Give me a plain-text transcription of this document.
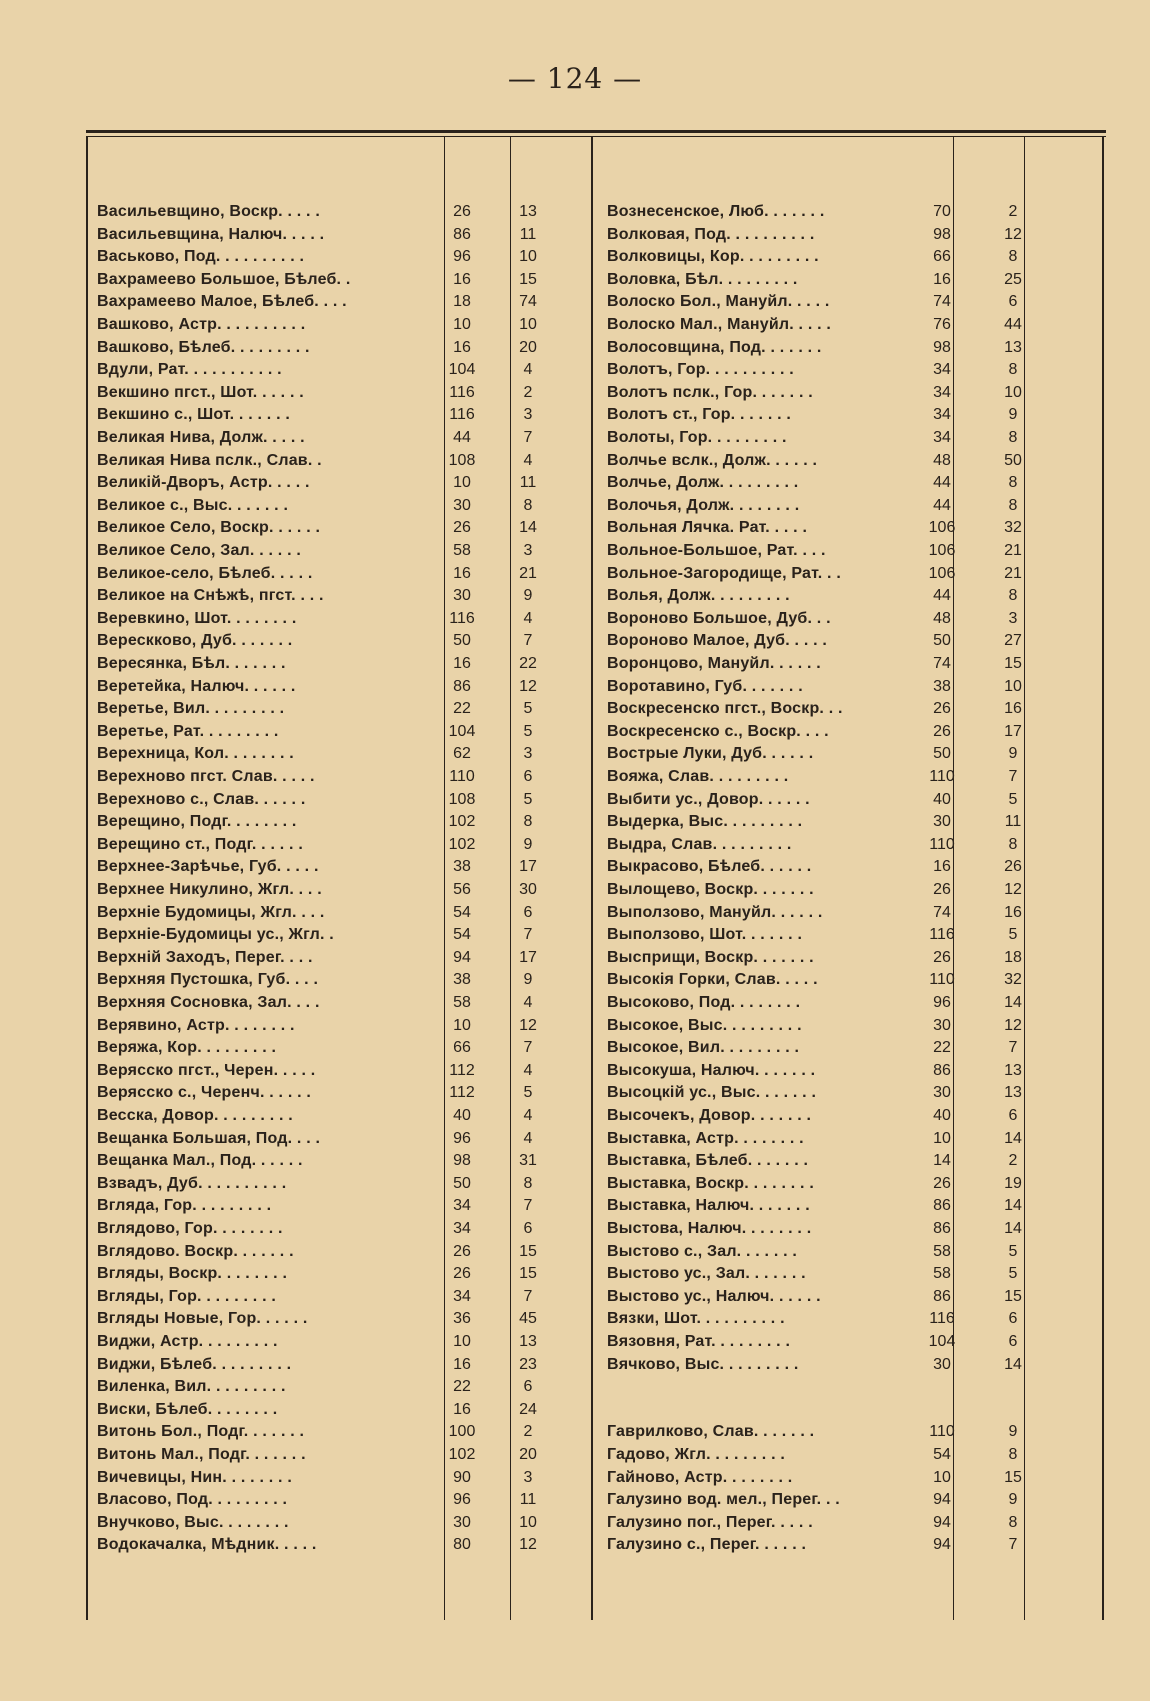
— 124 —
Васильевщино, Воскр. . . . .	26	13
Васильевщина, Налюч. . . . .	86	11
Васьково, Под. . . . . . . . . .	96	10
Вахрамеево Большое, Бѣлеб. .	16	15
Вахрамеево Малое, Бѣлеб. . . .	18	74
Вашково, Астр. . . . . . . . . .	10	10
Вашково, Бѣлеб. . . . . . . . .	16	20
Вдули, Рат. . . . . . . . . . .	104	4
Векшино пгст., Шот. . . . . .	116	2
Векшино с., Шот. . . . . . .	116	3
Великая Нива, Долж. . . . .	44	7
Великая Нива пслк., Слав. .	108	4
Великій-Дворъ, Астр. . . . .	10	11
Великое с., Выс. . . . . . .	30	8
Великое Село, Воскр. . . . . .	26	14
Великое Село, Зал. . . . . .	58	3
Великое-село, Бѣлеб. . . . .	16	21
Великое на Снѣжѣ, пгст. . . .	30	9
Веревкино, Шот. . . . . . . .	116	4
Верескково, Дуб. . . . . . .	50	7
Вересянка, Бѣл. . . . . . .	16	22
Веретейка, Налюч. . . . . .	86	12
Веретье, Вил. . . . . . . . .	22	5
Веретье, Рат. . . . . . . . .	104	5
Верехница, Кол. . . . . . . .	62	3
Верехново пгст. Слав. . . . .	110	6
Верехново с., Слав. . . . . .	108	5
Верещино, Подг. . . . . . . .	102	8
Верещино ст., Подг. . . . . .	102	9
Верхнее-Зарѣчье, Губ. . . . .	38	17
Верхнее Никулино, Жгл. . . .	56	30
Верхніе Будомицы, Жгл. . . .	54	6
Верхніе-Будомицы ус., Жгл. .	54	7
Верхній Заходъ, Перег. . . .	94	17
Верхняя Пустошка, Губ. . . .	38	9
Верхняя Сосновка, Зал. . . .	58	4
Верявино, Астр. . . . . . . .	10	12
Веряжа, Кор. . . . . . . . .	66	7
Верясско пгст., Черен. . . . .	112	4
Верясско с., Черенч. . . . . .	112	5
Весска, Довор. . . . . . . . .	40	4
Вещанка Большая, Под. . . .	96	4
Вещанка Мал., Под. . . . . .	98	31
Взвадъ, Дуб. . . . . . . . . .	50	8
Вгляда, Гор. . . . . . . . .	34	7
Вглядово, Гор. . . . . . . .	34	6
Вглядово. Воскр. . . . . . .	26	15
Вгляды, Воскр. . . . . . . .	26	15
Вгляды, Гор. . . . . . . . .	34	7
Вгляды Новые, Гор. . . . . .	36	45
Виджи, Астр. . . . . . . . .	10	13
Виджи, Бѣлеб. . . . . . . . .	16	23
Виленка, Вил. . . . . . . . .	22	6
Виски, Бѣлеб. . . . . . . .	16	24
Витонь Бол., Подг. . . . . . .	100	2
Витонь Мал., Подг. . . . . . .	102	20
Вичевицы, Нин. . . . . . . .	90	3
Власово, Под. . . . . . . . .	96	11
Внучково, Выс. . . . . . . .	30	10
Водокачалка, Мѣдник. . . . .	80	12
Вознесенское, Люб. . . . . . .	70	2
Волковая, Под. . . . . . . . . .	98	12
Волковицы, Кор. . . . . . . . .	66	8
Воловка, Бѣл. . . . . . . . .	16	25
Волоско Бол., Мануйл. . . . .	74	6
Волоско Мал., Мануйл. . . . .	76	44
Волосовщина, Под. . . . . . .	98	13
Волотъ, Гор. . . . . . . . . .	34	8
Волотъ пслк., Гор. . . . . . .	34	10
Волотъ ст., Гор. . . . . . .	34	9
Волоты, Гор. . . . . . . . .	34	8
Волчье вслк., Долж. . . . . .	48	50
Волчье, Долж. . . . . . . . .	44	8
Волочья, Долж. . . . . . . .	44	8
Вольная Лячка. Рат. . . . .	106	32
Вольное-Большое, Рат. . . .	106	21
Вольное-Загородище, Рат. . .	106	21
Волья, Долж. . . . . . . . .	44	8
Вороново Большое, Дуб. . .	48	3
Вороново Малое, Дуб. . . . .	50	27
Воронцово, Мануйл. . . . . .	74	15
Воротавино, Губ. . . . . . .	38	10
Воскресенско пгст., Воскр. . .	26	16
Воскресенско с., Воскр. . . .	26	17
Вострые Луки, Дуб. . . . . .	50	9
Вояжа, Слав. . . . . . . . .	110	7
Выбити ус., Довор. . . . . .	40	5
Выдерка, Выс. . . . . . . . .	30	11
Выдра, Слав. . . . . . . . .	110	8
Выкрасово, Бѣлеб. . . . . .	16	26
Вылощево, Воскр. . . . . . .	26	12
Выползово, Мануйл. . . . . .	74	16
Выползово, Шот. . . . . . .	116	5
Высприщи, Воскр. . . . . . .	26	18
Высокія Горки, Слав. . . . .	110	32
Высоково, Под. . . . . . . .	96	14
Высокое, Выс. . . . . . . . .	30	12
Высокое, Вил. . . . . . . . .	22	7
Высокуша, Налюч. . . . . . .	86	13
Высоцкій ус., Выс. . . . . . .	30	13
Высочекъ, Довор. . . . . . .	40	6
Выставка, Астр. . . . . . . .	10	14
Выставка, Бѣлеб. . . . . . .	14	2
Выставка, Воскр. . . . . . . .	26	19
Выставка, Налюч. . . . . . .	86	14
Выстова, Налюч. . . . . . . .	86	14
Выстово с., Зал. . . . . . .	58	5
Выстово ус., Зал. . . . . . .	58	5
Выстово ус., Налюч. . . . . .	86	15
Вязки, Шот. . . . . . . . . .	116	6
Вязовня, Рат. . . . . . . . .	104	6
Вячково, Выс. . . . . . . . .	30	14
Гаврилково, Слав. . . . . . .	110	9
Гадово, Жгл. . . . . . . . .	54	8
Гайново, Астр. . . . . . . .	10	15
Галузино вод. мел., Перег. . .	94	9
Галузино пог., Перег. . . . .	94	8
Галузино с., Перег. . . . . .	94	7
